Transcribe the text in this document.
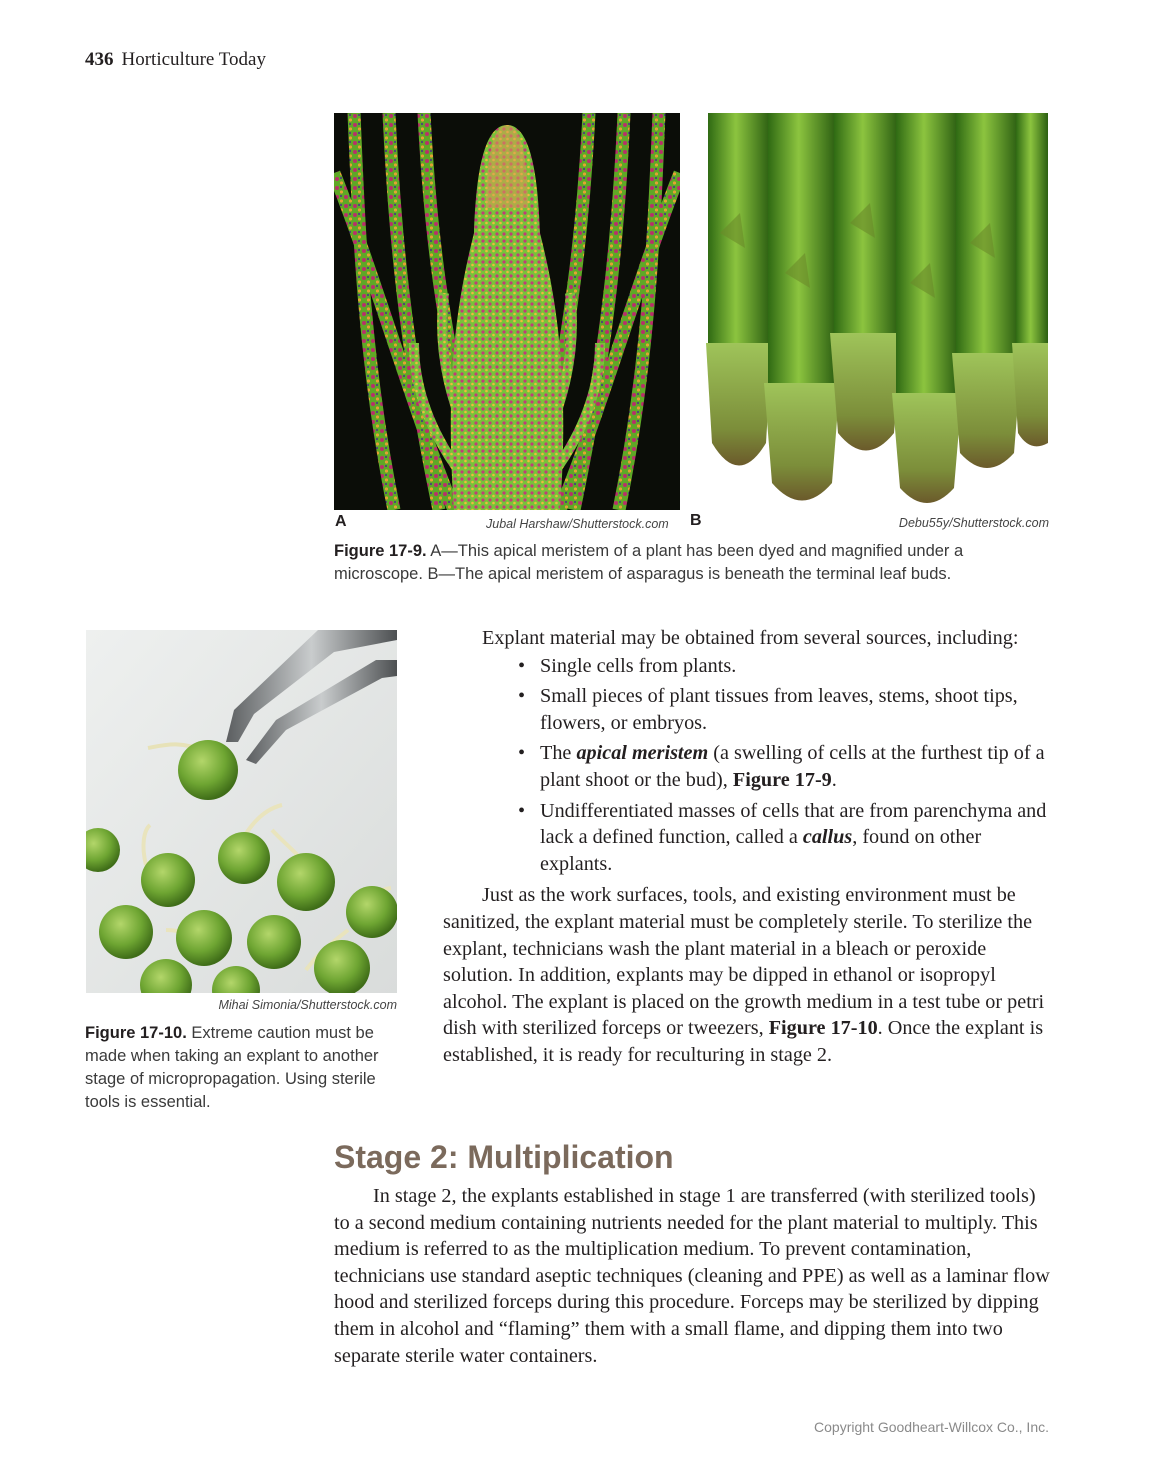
436 Horticulture Today
A	Jubal Harshaw/Shutterstock.com B	Debu55y/Shutterstock.com
Figure 17-9. A—This apical meristem of a plant has been dyed and magnified under a microscope. B—The apical meristem of asparagus is beneath the terminal leaf buds.
Mihai Simonia/Shutterstock.com
Figure 17-10. Extreme caution must be made when taking an explant to another stage of micropropagation. Using sterile tools is essential.

Explant material may be obtained from several sources, including:

• Single cells from plants.
• Small pieces of plant tissues from leaves, stems, shoot tips, flowers, or embryos.
• The apical meristem (a swelling of cells at the furthest tip of a plant shoot or the bud), Figure 17-9.
• Undifferentiated masses of cells that are from parenchyma and lack a defined function, called a callus, found on other explants.

Just as the work surfaces, tools, and existing environment must be sanitized, the explant material must be completely sterile. To sterilize the explant, technicians wash the plant material in a bleach or peroxide solution. In addition, explants may be dipped in ethanol or isopropyl alcohol. The explant is placed on the growth medium in a test tube or petri dish with sterilized forceps or tweezers, Figure 17-10. Once the explant is established, it is ready for reculturing in stage 2.

Stage 2: Multiplication

In stage 2, the explants established in stage 1 are transferred (with sterilized tools) to a second medium containing nutrients needed for the plant material to multiply. This medium is referred to as the multiplication medium. To prevent contamination, technicians use standard aseptic techniques (cleaning and PPE) as well as a laminar flow hood and sterilized forceps during this procedure. Forceps may be sterilized by dipping them in alcohol and “flaming” them with a small flame, and dipping them into two separate sterile water containers.

Copyright Goodheart-Willcox Co., Inc.
